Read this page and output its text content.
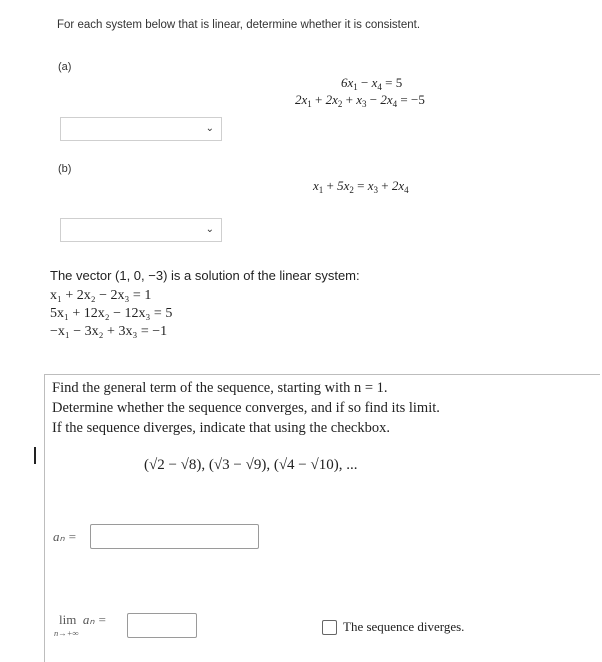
For each system below that is linear, determine whether it is consistent.
(a)
$6x_1 - x_4 = 5$
$2x_1 + 2x_2 + x_3 - 2x_4 = -5$
⌄
(b)
$x_1 + 5x_2 = x_3 + 2x_4$
⌄
The vector (1, 0, −3) is a solution of the linear system:
x₁ + 2x₂ − 2x₃ = 1
5x₁ + 12x₂ − 12x₃ = 5
−x₁ − 3x₂ + 3x₃ = −1
Find the general term of the sequence, starting with n = 1.
Determine whether the sequence converges, and if so find its limit.
If the sequence diverges, indicate that using the checkbox.
(√2 − √8), (√3 − √9), (√4 − √10), ...
aₙ =
lim aₙ =
n→+∞	The sequence diverges.
